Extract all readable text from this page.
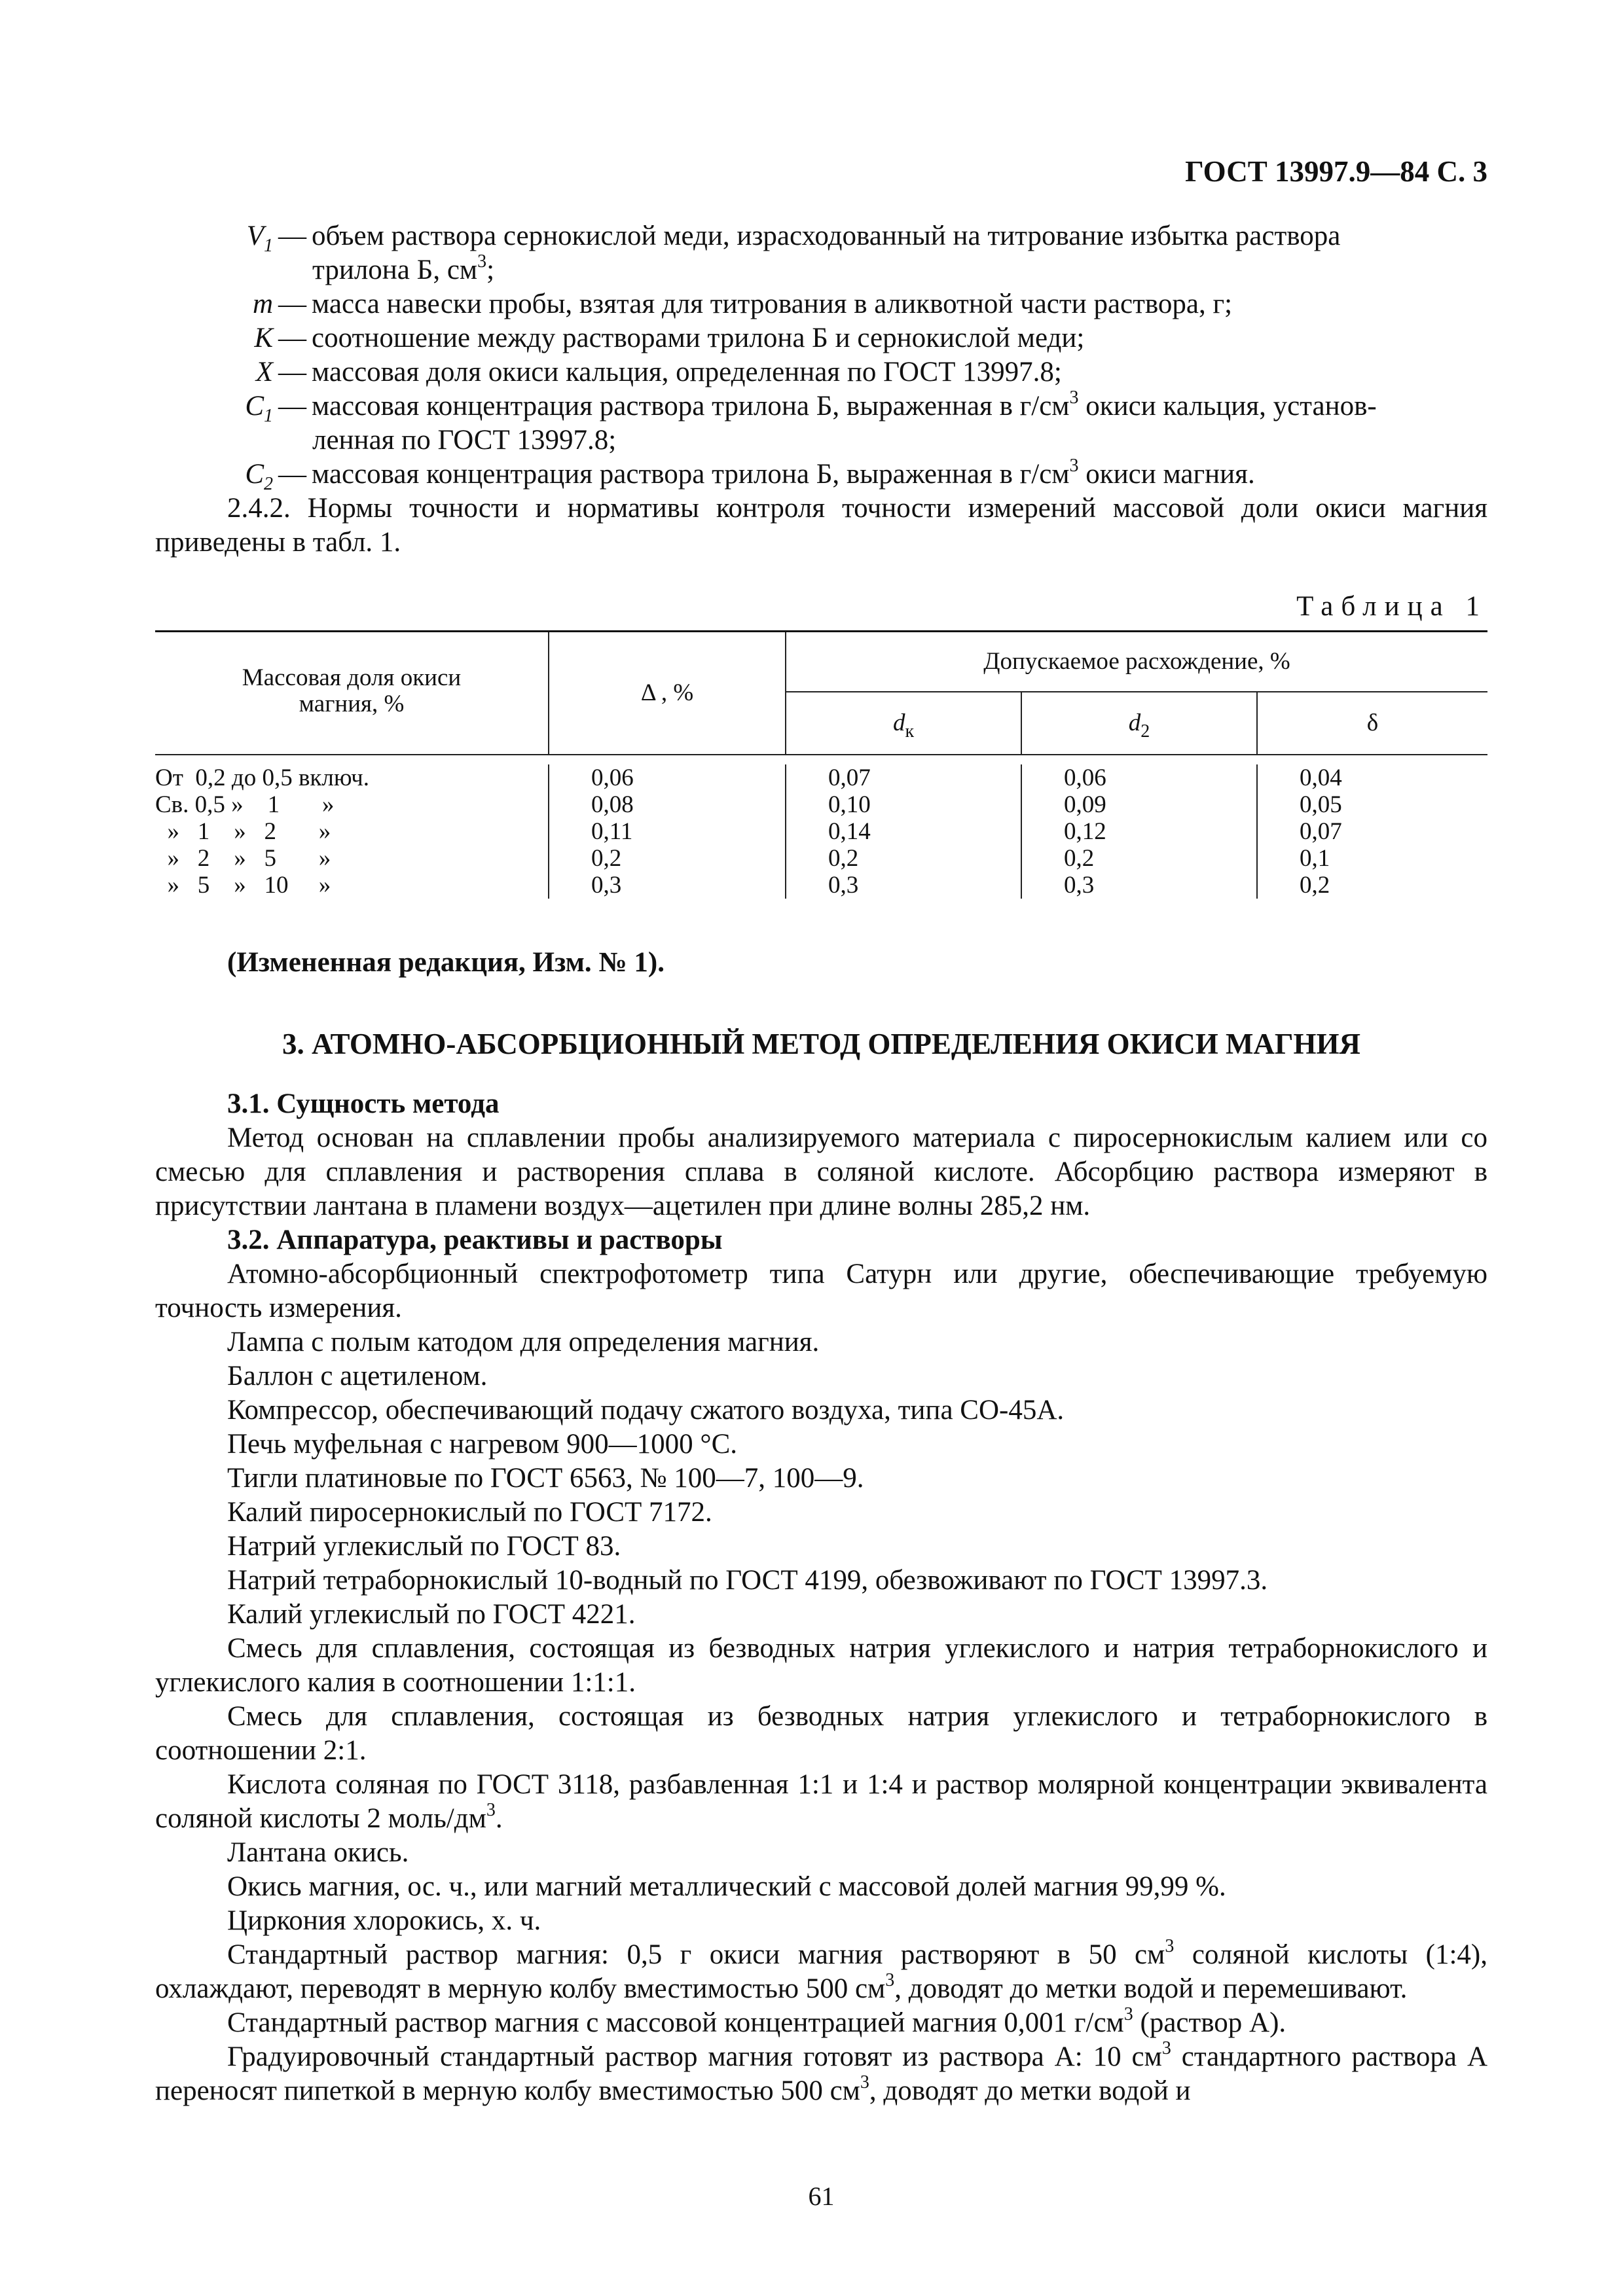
ГОСТ 13997.9—84 С. 3
$V_1$ — объем раствора сернокислой меди, израсходованный на титрование избытка раствора
трилона Б, $см^3$;
m — масса навески пробы, взятая для титрования в аликвотной части раствора, г;
K — соотношение между растворами трилона Б и сернокислой меди;
X — массовая доля окиси кальция, определенная по ГОСТ 13997.8;
$C_1$ — массовая концентрация раствора трилона Б, выраженная в $г/см^3$ окиси кальция, установ-
ленная по ГОСТ 13997.8;
$C_2$ — массовая концентрация раствора трилона Б, выраженная в $г/см^3$ окиси магния.

2.4.2. Нормы точности и нормативы контроля точности измерений массовой доли окиси магния приведены в табл. 1.

Таблица 1
Массовая доля окиси магния, %	Δ , %	Допускаемое расхождение, %		
		$d_к$	$d_2$	δ

От  0,2 до 0,5 включ.	0,06	0,07	0,06	0,04
Св. 0,5 »    1       »	0,08	0,10	0,09	0,05
»   1    »   2       »	0,11	0,14	0,12	0,07
»   2    »   5       »	0,2	0,2	0,2	0,1
»   5    »   10     »	0,3	0,3	0,3	0,2
(Измененная редакция, Изм. № 1).
3. АТОМНО-АБСОРБЦИОННЫЙ МЕТОД ОПРЕДЕЛЕНИЯ ОКИСИ МАГНИЯ
3.1. Сущность метода

Метод основан на сплавлении пробы анализируемого материала с пиросернокислым калием или со смесью для сплавления и растворения сплава в соляной кислоте. Абсорбцию раствора измеряют в присутствии лантана в пламени воздух—ацетилен при длине волны 285,2 нм.

3.2. Аппаратура, реактивы и растворы

Атомно-абсорбционный спектрофотометр типа Сатурн или другие, обеспечивающие требуемую точность измерения.

Лампа с полым катодом для определения магния.

Баллон с ацетиленом.

Компрессор, обеспечивающий подачу сжатого воздуха, типа СО-45А.

Печь муфельная с нагревом 900—1000 °С.

Тигли платиновые по ГОСТ 6563, № 100—7, 100—9.

Калий пиросернокислый по ГОСТ 7172.

Натрий углекислый по ГОСТ 83.

Натрий тетраборнокислый 10-водный по ГОСТ 4199, обезвоживают по ГОСТ 13997.3.

Калий углекислый по ГОСТ 4221.

Смесь для сплавления, состоящая из безводных натрия углекислого и натрия тетраборнокислого и углекислого калия в соотношении 1:1:1.

Смесь для сплавления, состоящая из безводных натрия углекислого и тетраборнокислого в соотношении 2:1.

Кислота соляная по ГОСТ 3118, разбавленная 1:1 и 1:4 и раствор молярной концентрации эквивалента соляной кислоты 2 моль/$дм^3$.

Лантана окись.

Окись магния, ос. ч., или магний металлический с массовой долей магния 99,99 %.

Циркония хлорокись, х. ч.

Стандартный раствор магния: 0,5 г окиси магния растворяют в 50 $см^3$ соляной кислоты (1:4), охлаждают, переводят в мерную колбу вместимостью 500 $см^3$, доводят до метки водой и перемешивают.

Стандартный раствор магния с массовой концентрацией магния 0,001 $г/см^3$ (раствор А).

Градуировочный стандартный раствор магния готовят из раствора А: 10 $см^3$ стандартного раствора А переносят пипеткой в мерную колбу вместимостью 500 $см^3$, доводят до метки водой и

61
